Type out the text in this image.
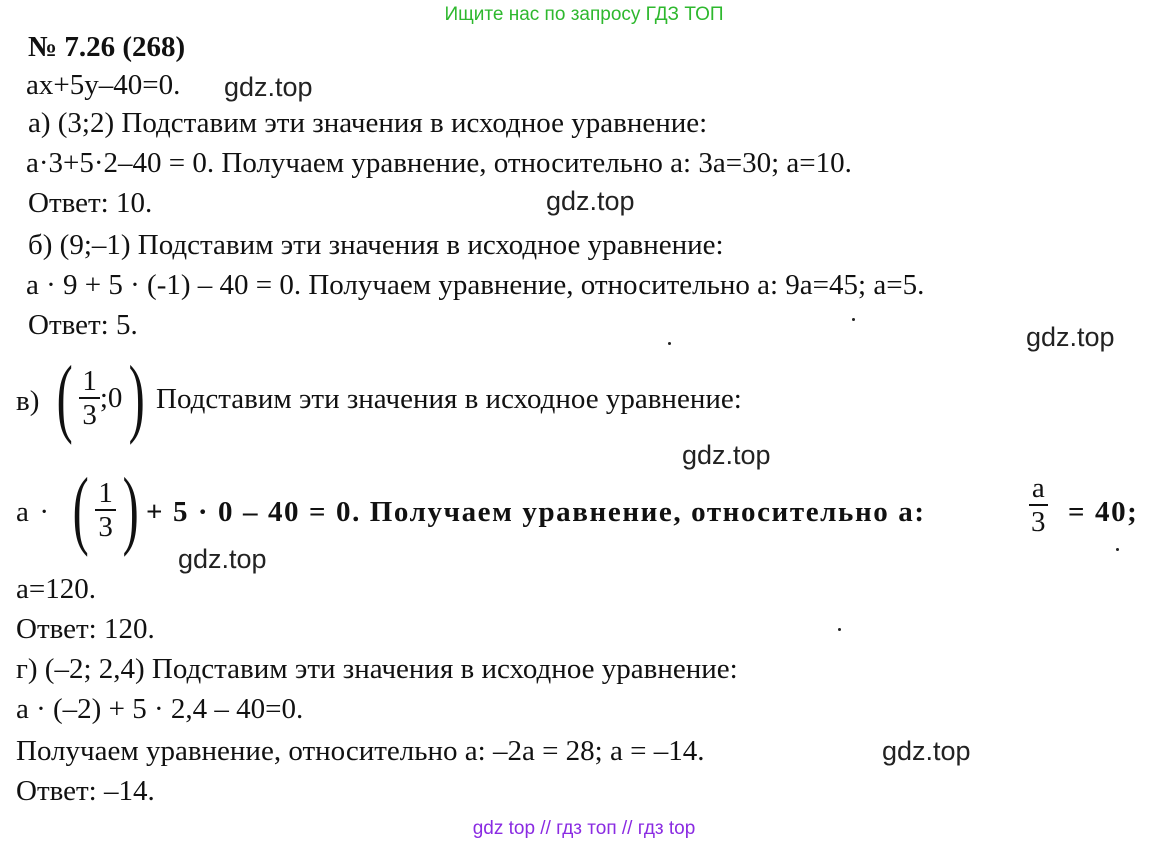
Ищите нас по запросу ГДЗ ТОП
№ 7.26 (268)
ax+5y–40=0. gdz.top
а) (3;2) Подставим эти значения в исходное уравнение:
a·3+5·2–40 = 0. Получаем уравнение, относительно a: 3a=30; a=10.
Ответ: 10.	gdz.top
б) (9;–1) Подставим эти значения в исходное уравнение:
a · 9 + 5 · (-1) – 40 = 0. Получаем уравнение, относительно a: 9a=45; a=5.
Ответ: 5.	gdz.top
в) ( $\frac{1}{3}$ ;0 ) Подставим эти значения в исходное уравнение:
gdz.top
a · ( $\frac{1}{3}$ ) + 5 · 0 – 40 = 0. Получаем уравнение, относительно a:	$\frac{a}{3} = 40$;
gdz.top
a=120.
Ответ: 120.
г) (–2; 2,4) Подставим эти значения в исходное уравнение:
a · (–2) + 5 · 2,4 – 40=0.
Получаем уравнение, относительно a: –2a = 28; a = –14.	gdz.top
Ответ: –14.
gdz top // гдз топ // гдз top
